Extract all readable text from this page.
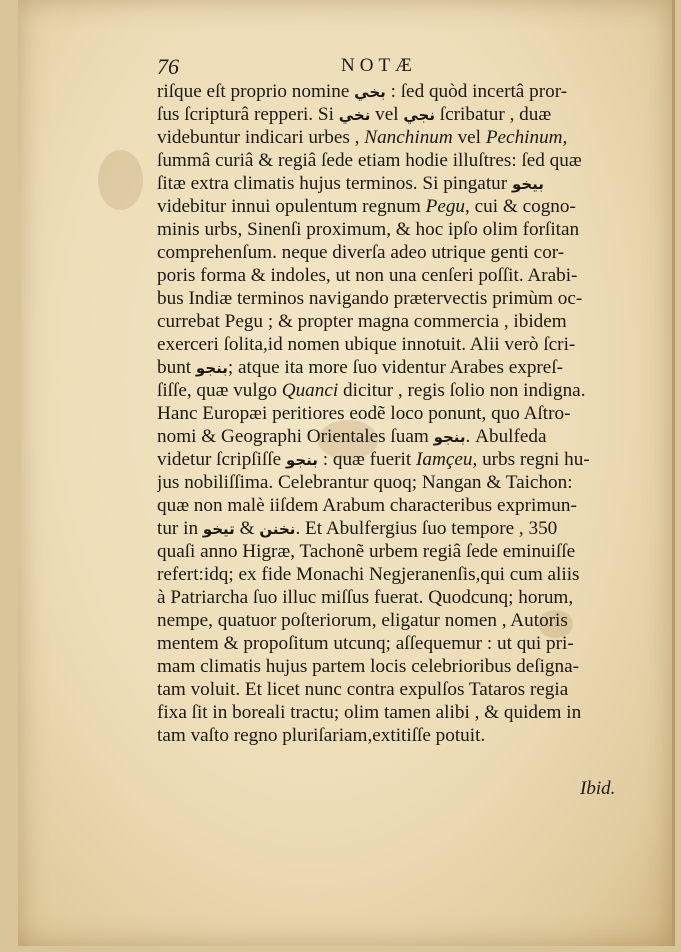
76	NOTÆ
riſque eſt proprio nomine بخي : ſed quòd incertâ pror-
ſus ſcripturâ repperi. Si نخي vel نجي ſcribatur , duæ
videbuntur indicari urbes , Nanchinum vel Pechinum,
ſummâ curiâ & regiâ ſede etiam hodie illuſtres: ſed quæ
ſitæ extra climatis hujus terminos. Si pingatur بيخو
videbitur innui opulentum regnum Pegu, cui & cogno-
minis urbs, Sinenſi proximum, & hoc ipſo olim forſitan
comprehenſum. neque diverſa adeo utrique genti cor-
poris forma & indoles, ut non una cenſeri poſſit. Arabi-
bus Indiæ terminos navigando prætervectis primùm oc-
currebat Pegu ; & propter magna commercia , ibidem
exerceri ſolita,id nomen ubique innotuit. Alii verò ſcri-
bunt بنجو; atque ita more ſuo videntur Arabes expreſ-
ſiſſe, quæ vulgo Quanci dicitur , regis ſolio non indigna.
Hanc Europæi peritiores eodẽ loco ponunt, quo Aſtro-
nomi & Geographi Orientales ſuam بنجو. Abulfeda
videtur ſcripſiſſe بنجو : quæ fuerit Iamçeu, urbs regni hu-
jus nobiliſſima. Celebrantur quoq; Nangan & Taichon:
quæ non malè iiſdem Arabum characteribus exprimun-
tur in تيخو & نخنن. Et Abulfergius ſuo tempore , 350
quaſi anno Higræ, Tachonẽ urbem regiâ ſede eminuiſſe
refert:idq; ex fide Monachi Negjeranenſis,qui cum aliis
à Patriarcha ſuo illuc miſſus fuerat. Quodcunq; horum,
nempe, quatuor poſteriorum, eligatur nomen , Autoris
mentem & propoſitum utcunq; aſſequemur : ut qui pri-
mam climatis hujus partem locis celebrioribus deſigna-
tam voluit. Et licet nunc contra expulſos Tataros regia
fixa ſit in boreali tractu; olim tamen alibi , & quidem in
tam vaſto regno pluriſariam,extitiſſe potuit.
Ibid.
